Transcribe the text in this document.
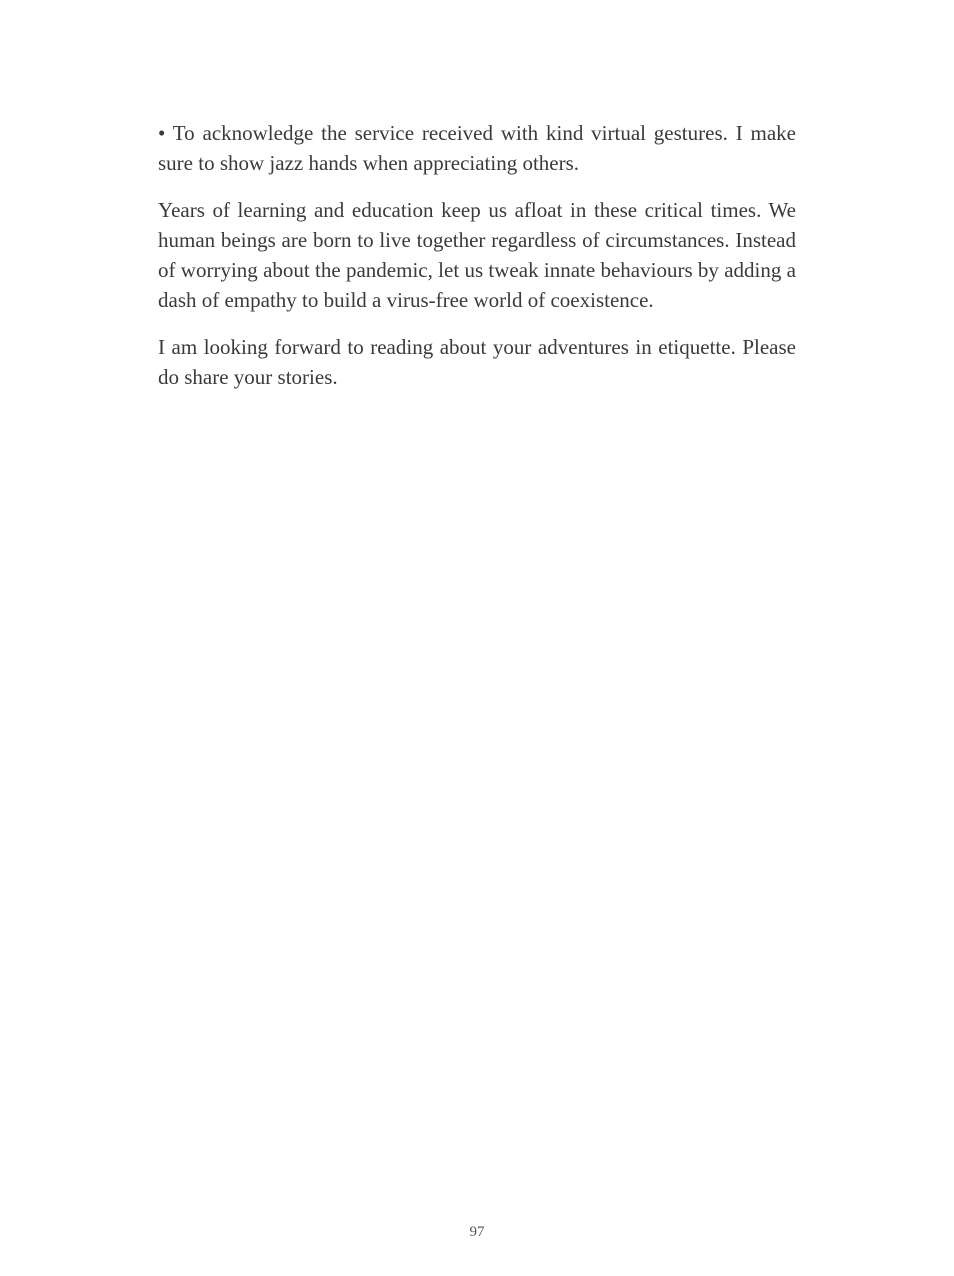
• To acknowledge the service received with kind virtual gestures. I make sure to show jazz hands when appreciating others.

Years of learning and education keep us afloat in these critical times. We human beings are born to live together regardless of circumstances. Instead of worrying about the pandemic, let us tweak innate behaviours by adding a dash of empathy to build a virus-free world of coexistence.

I am looking forward to reading about your adventures in etiquette. Please do share your stories.

97
